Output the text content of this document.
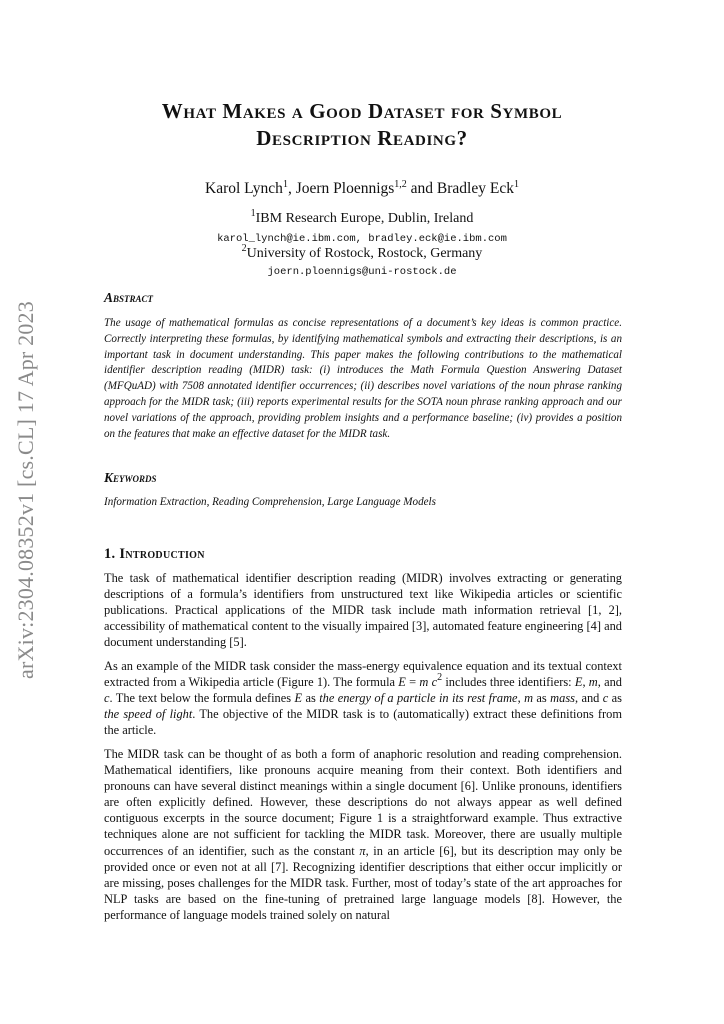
arXiv:2304.08352v1 [cs.CL] 17 Apr 2023
What Makes a Good Dataset for Symbol
Description Reading?
Karol Lynch$^1$, Joern Ploennigs$^{1,2}$ and Bradley Eck$^1$
$^1$IBM Research Europe, Dublin, Ireland
karol_lynch@ie.ibm.com, bradley.eck@ie.ibm.com
$^2$University of Rostock, Rostock, Germany
joern.ploennigs@uni-rostock.de
Abstract

The usage of mathematical formulas as concise representations of a document’s key ideas is common practice. Correctly interpreting these formulas, by identifying mathematical symbols and extracting their descriptions, is an important task in document understanding. This paper makes the following contributions to the mathematical identifier description reading (MIDR) task: (i) introduces the Math Formula Question Answering Dataset (MFQuAD) with 7508 annotated identifier occurrences; (ii) describes novel variations of the noun phrase ranking approach for the MIDR task; (iii) reports experimental results for the SOTA noun phrase ranking approach and our novel variations of the approach, providing problem insights and a performance baseline; (iv) provides a position on the features that make an effective dataset for the MIDR task.

Keywords

Information Extraction, Reading Comprehension, Large Language Models

1. Introduction

The task of mathematical identifier description reading (MIDR) involves extracting or generating descriptions of a formula’s identifiers from unstructured text like Wikipedia articles or scientific publications. Practical applications of the MIDR task include math information retrieval [1, 2], accessibility of mathematical content to the visually impaired [3], automated feature engineering [4] and document understanding [5].

As an example of the MIDR task consider the mass-energy equivalence equation and its textual context extracted from a Wikipedia article (Figure 1). The formula E = m $c^2$ includes three identifiers: E, m, and c. The text below the formula defines E as the energy of a particle in its rest frame, m as mass, and c as the speed of light. The objective of the MIDR task is to (automatically) extract these definitions from the article.

The MIDR task can be thought of as both a form of anaphoric resolution and reading comprehension. Mathematical identifiers, like pronouns acquire meaning from their context. Both identifiers and pronouns can have several distinct meanings within a single document [6]. Unlike pronouns, identifiers are often explicitly defined. However, these descriptions do not always appear as well defined contiguous excerpts in the source document; Figure 1 is a straightforward example. Thus extractive techniques alone are not sufficient for tackling the MIDR task. Moreover, there are usually multiple occurrences of an identifier, such as the constant π, in an article [6], but its description may only be provided once or even not at all [7]. Recognizing identifier descriptions that either occur implicitly or are missing, poses challenges for the MIDR task. Further, most of today’s state of the art approaches for NLP tasks are based on the fine-tuning of pretrained large language models [8]. However, the performance of language models trained solely on natural
